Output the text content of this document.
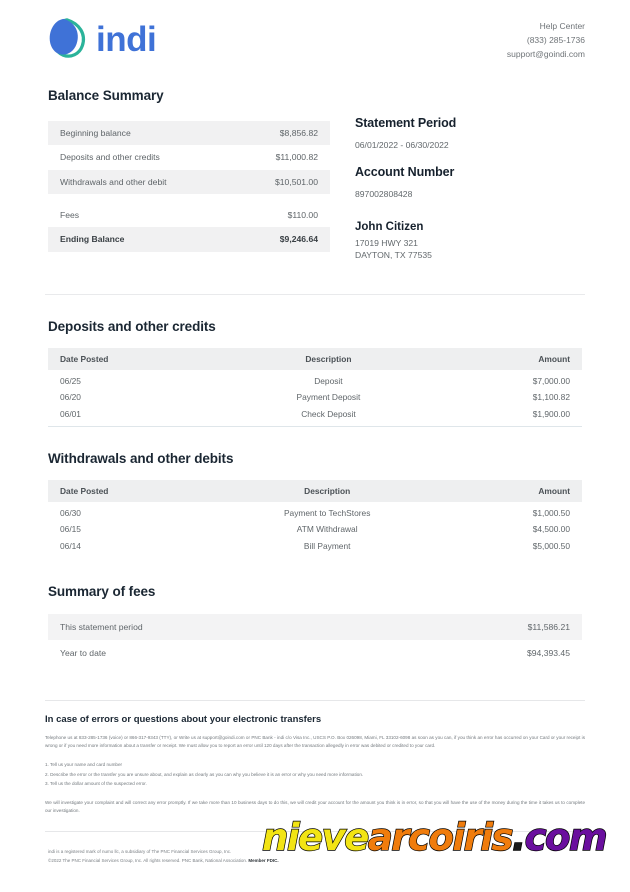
indi	Help Center
(833) 285-1736
support@goindi.com
Balance Summary
Beginning balance	$8,856.82
Deposits and other credits	$11,000.82
Withdrawals and other debit	$10,501.00

Fees	$110.00
Ending Balance	$9,246.64
Statement Period
06/01/2022 - 06/30/2022
Account Number
897002808428
John Citizen
17019 HWY 321
DAYTON, TX 77535
Deposits and other credits
Date Posted	Description	Amount
06/25	Deposit	$7,000.00
06/20	Payment Deposit	$1,100.82
06/01	Check Deposit	$1,900.00
Withdrawals and other debits
Date Posted	Description	Amount
06/30	Payment to TechStores	$1,000.50
06/15	ATM Withdrawal	$4,500.00
06/14	Bill Payment	$5,000.50
Summary of fees
This statement period	$11,586.21
Year to date	$94,393.45
In case of errors or questions about your electronic transfers
Telephone us at 833-285-1736 (voice) or 866-317-9343 (TTY), or Write us at support@goindi.com or PNC Bank - indi c/o Visa Inc., USCS P.O. Box 026098, Miami, FL 33102-6098 as soon as you can, if you think an error has occurred on your Card or your receipt is wrong or if you need more information about a transfer or receipt. We must allow you to report an error until 120 days after the transaction allegedly in error was debited or credited to your card.
1. Tell us your name and card number
2. Describe the error or the transfer you are unsure about, and explain as clearly as you can why you believe it is an error or why you need more information.
3. Tell us the dollar amount of the suspected error.
We will investigate your complaint and will correct any error promptly. If we take more than 10 business days to do this, we will credit your account for the amount you think is in error, so that you will have the use of the money during the time it takes us to complete our investigation.
indi is a registered mark of numo llc, a subsidiary of The PNC Financial Services Group, Inc.
©2022 The PNC Financial Services Group, Inc. All rights reserved. PNC Bank, National Association. Member FDIC.
nievearcoiris.com
